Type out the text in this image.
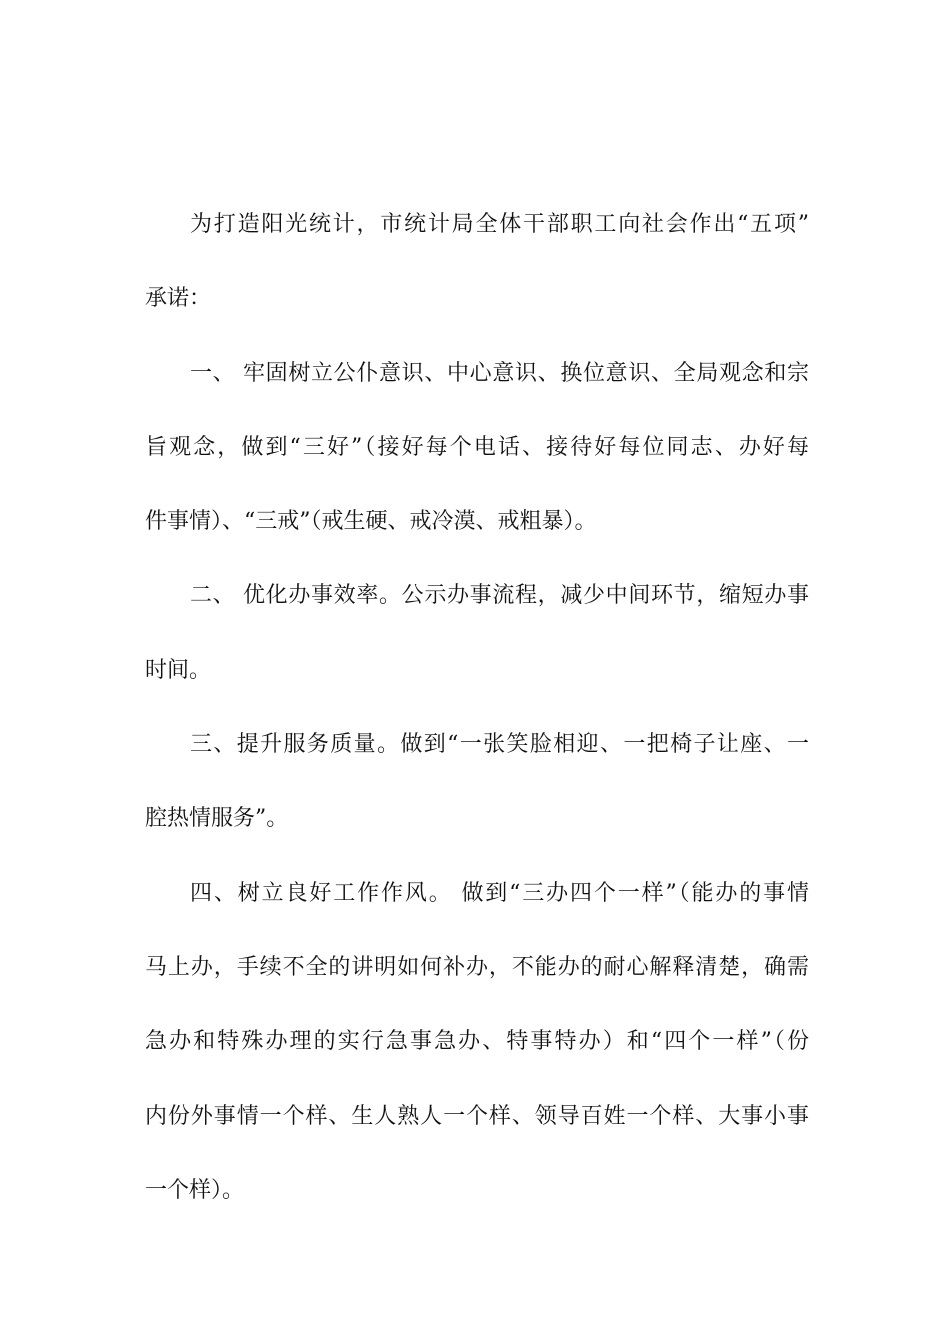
为打造阳光统计，市统计局全体干部职工向社会作出“五项”
承诺：
一、 牢固树立公仆意识、中心意识、换位意识、全局观念和宗
旨观念，做到“三好”（接好每个电话、接待好每位同志、办好每
件事情）、“三戒”（戒生硬、戒冷漠、戒粗暴）。
二、 优化办事效率。公示办事流程，减少中间环节，缩短办事
时间。
三、提升服务质量。做到“一张笑脸相迎、一把椅子让座、一
腔热情服务”。
四、树立良好工作作风。 做到“三办四个一样”（能办的事情
马上办，手续不全的讲明如何补办，不能办的耐心解释清楚，确需
急办和特殊办理的实行急事急办、特事特办）和“四个一样”（份
内份外事情一个样、生人熟人一个样、领导百姓一个样、大事小事
一个样）。
